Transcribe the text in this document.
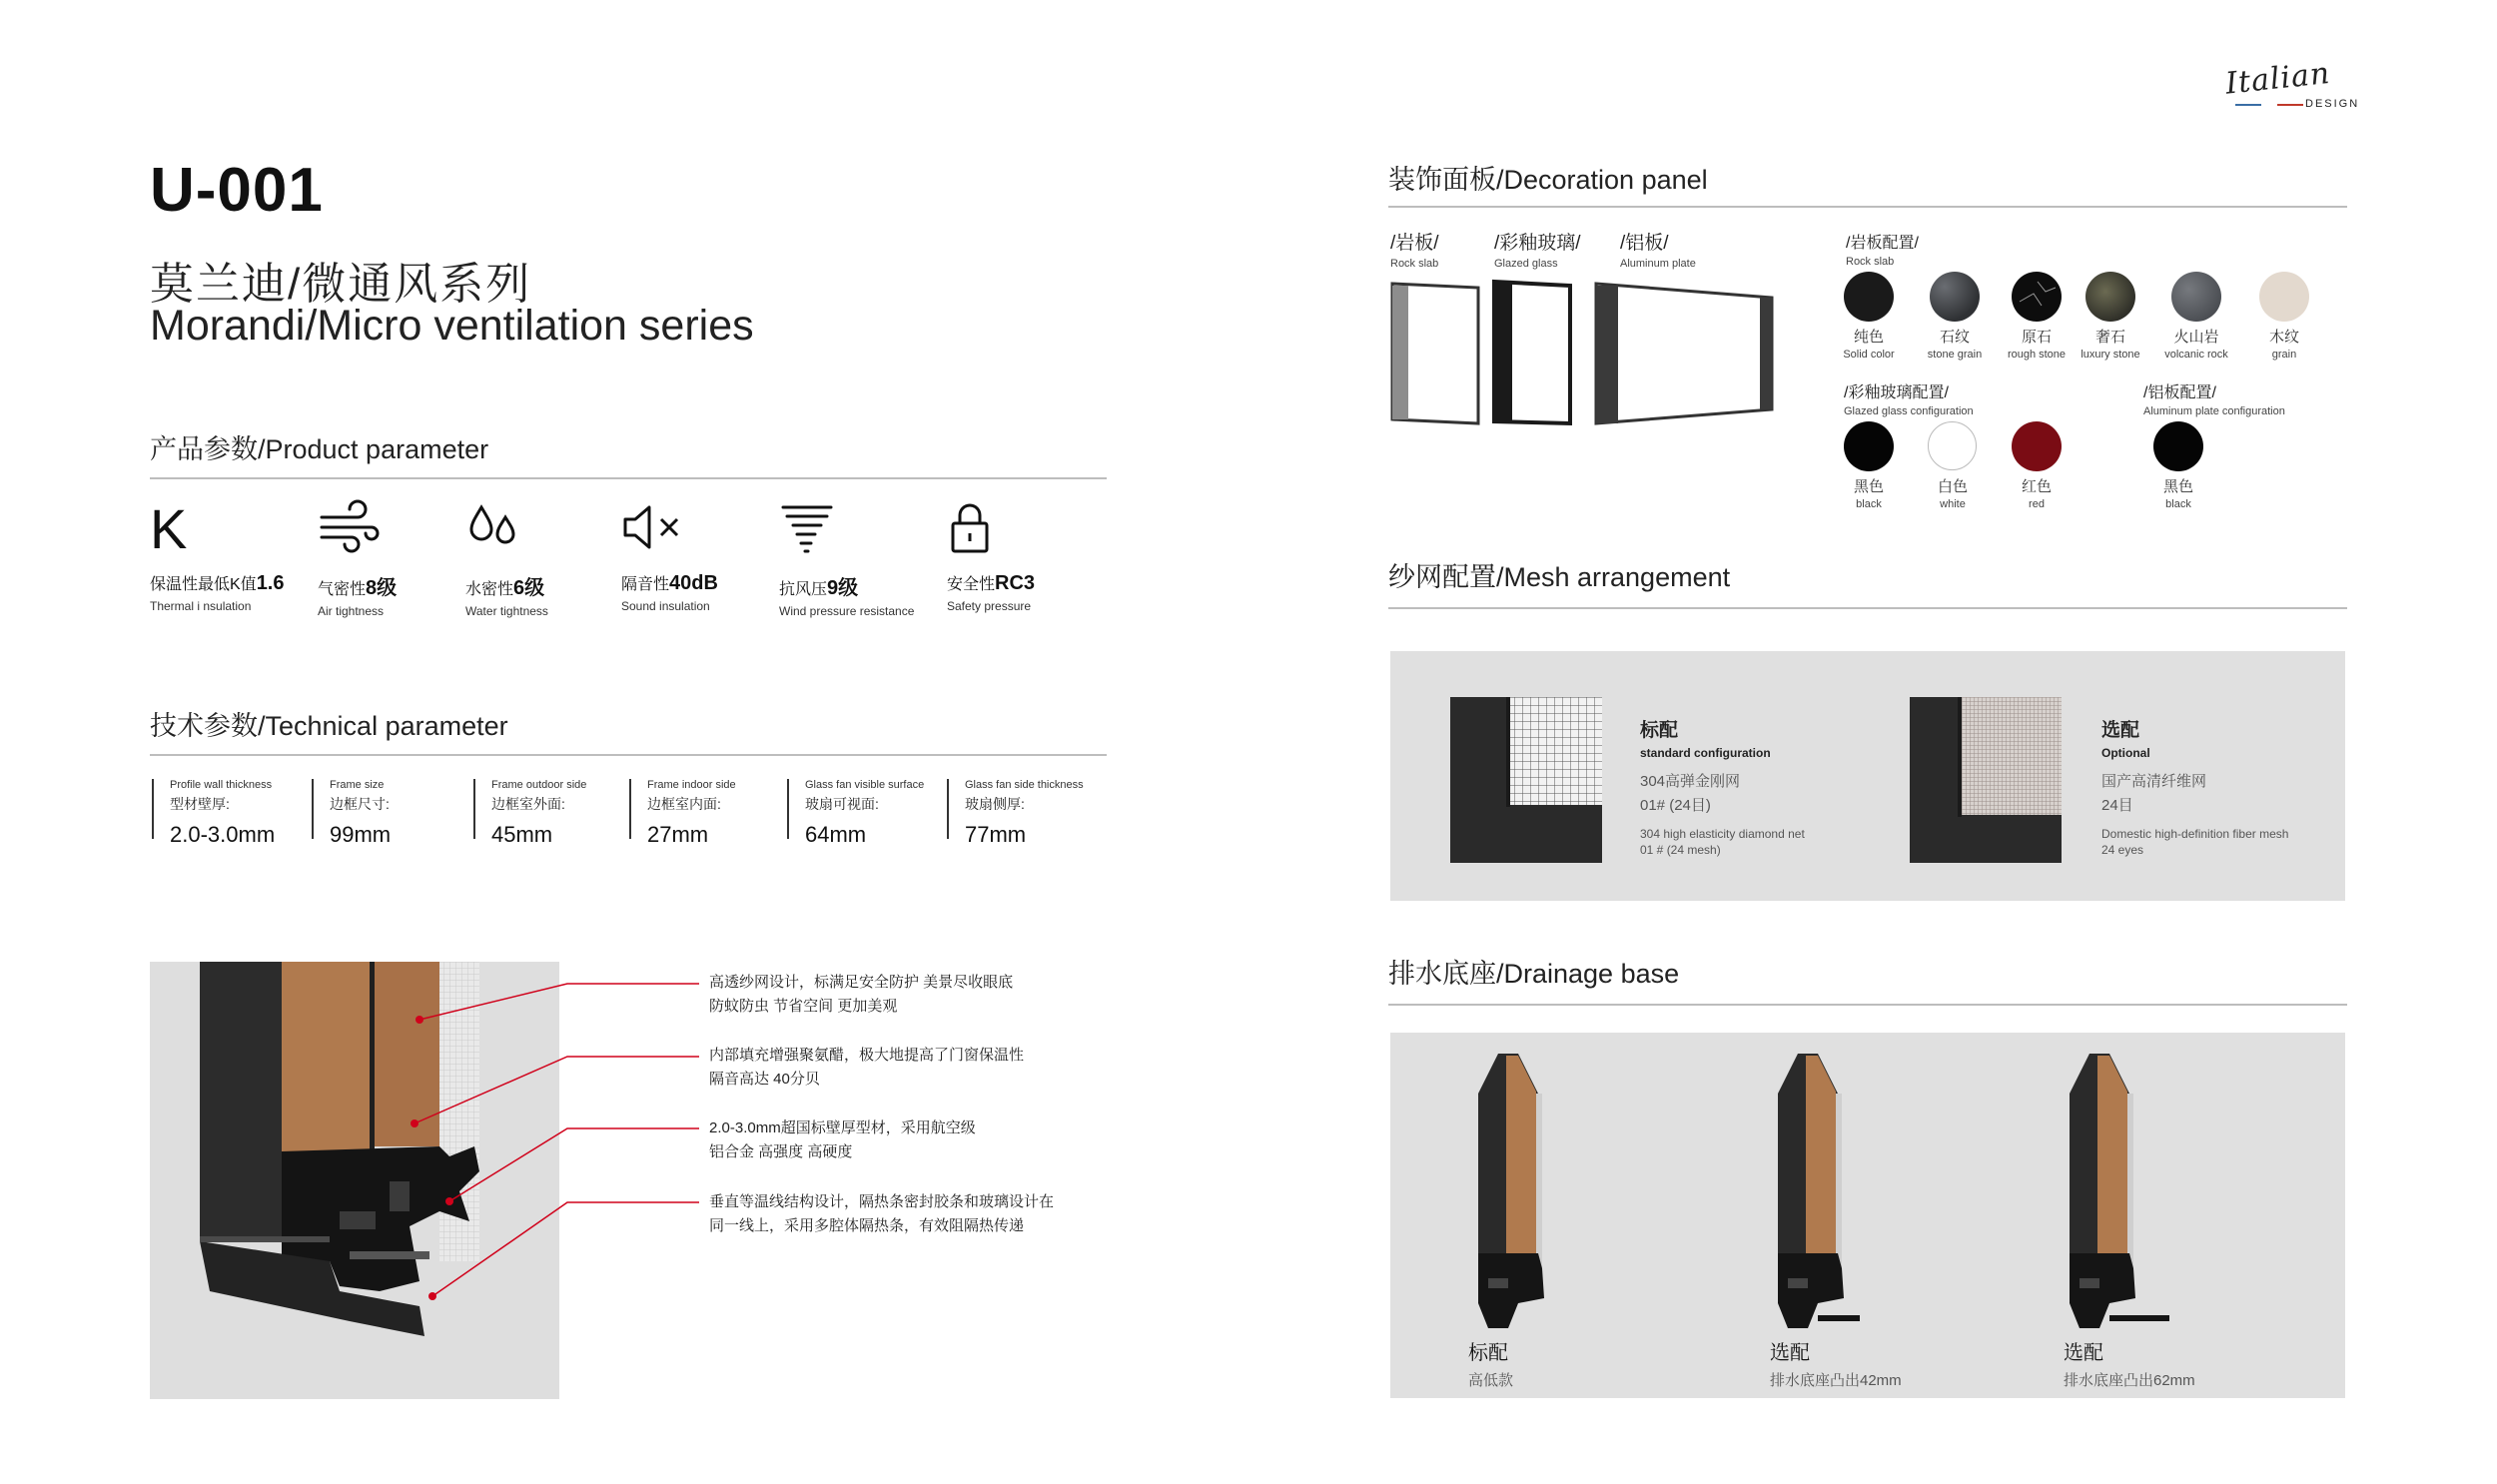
Italian
DESIGN
U-001
莫兰迪/微通风系列
Morandi/Micro ventilation series
产品参数/Product parameter
K
保温性最低K值1.6
Thermal i nsulation
气密性8级
Air tightness
水密性6级
Water tightness
隔音性40dB
Sound insulation
抗风压9级
Wind pressure resistance
安全性RC3
Safety pressure
技术参数/Technical parameter
Profile wall thickness
型材壁厚:
2.0-3.0mm
Frame size
边框尺寸:
99mm
Frame outdoor side
边框室外面:
45mm
Frame indoor side
边框室内面:
27mm
Glass fan visible surface
玻扇可视面:
64mm
Glass fan side thickness
玻扇侧厚:
77mm
高透纱网设计，标满足安全防护 美景尽收眼底
防蚊防虫 节省空间 更加美观
内部填充增强聚氨醋，极大地提高了门窗保温性
隔音高达 40分贝
2.0-3.0mm超国标壁厚型材，采用航空级
铝合金 高强度 高硬度
垂直等温线结构设计，隔热条密封胶条和玻璃设计在
同一线上，采用多腔体隔热条，有效阻隔热传递
装饰面板/Decoration panel
/岩板/
Rock slab
/彩釉玻璃/
Glazed glass
/铝板/
Aluminum plate
/岩板配置/
Rock slab
纯色
Solid color
石纹
stone grain
原石
rough stone
奢石
luxury stone
火山岩
volcanic rock
木纹
grain
/彩釉玻璃配置/
Glazed glass configuration
黑色
black
白色
white
红色
red
/铝板配置/
Aluminum plate configuration
黑色
black
纱网配置/Mesh arrangement
标配
standard configuration
304高弹金刚网
01# (24目)
304 high elasticity diamond net
01 # (24 mesh)
选配
Optional
国产高清纤维网
24目
Domestic high-definition fiber mesh
24 eyes
排水底座/Drainage base
标配
高低款
选配
排水底座凸出42mm
选配
排水底座凸出62mm
